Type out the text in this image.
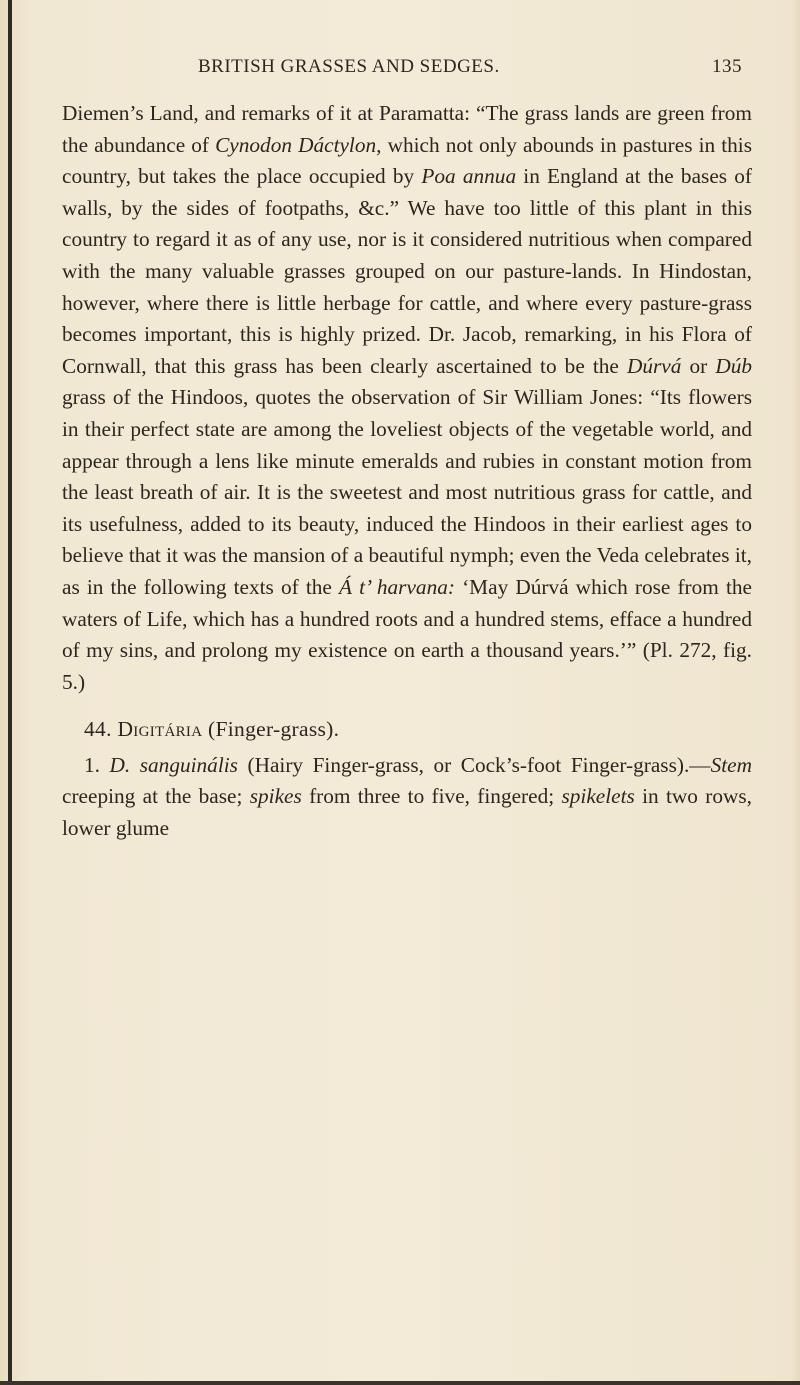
BRITISH GRASSES AND SEDGES.	135

Diemen’s Land, and remarks of it at Paramatta: “The grass lands are green from the abundance of Cynodon Dáctylon, which not only abounds in pastures in this country, but takes the place occupied by Poa annua in England at the bases of walls, by the sides of footpaths, &c.” We have too little of this plant in this country to regard it as of any use, nor is it considered nutritious when compared with the many valuable grasses grouped on our pasture-lands. In Hindostan, however, where there is little herbage for cattle, and where every pasture-grass becomes important, this is highly prized. Dr. Jacob, remarking, in his Flora of Cornwall, that this grass has been clearly ascertained to be the Dúrvá or Dúb grass of the Hindoos, quotes the observation of Sir William Jones: “Its flowers in their perfect state are among the loveliest objects of the vegetable world, and appear through a lens like minute emeralds and rubies in constant motion from the least breath of air. It is the sweetest and most nutritious grass for cattle, and its usefulness, added to its beauty, induced the Hindoos in their earliest ages to believe that it was the mansion of a beautiful nymph; even the Veda celebrates it, as in the following texts of the Á t’ harvana: ‘May Dúrvá which rose from the waters of Life, which has a hundred roots and a hundred stems, efface a hundred of my sins, and prolong my existence on earth a thousand years.’” (Pl. 272, fig. 5.)

44. Digitária (Finger-grass).

1. D. sanguinális (Hairy Finger-grass, or Cock’s-foot Finger-grass).—Stem creeping at the base; spikes from three to five, fingered; spikelets in two rows, lower glume
